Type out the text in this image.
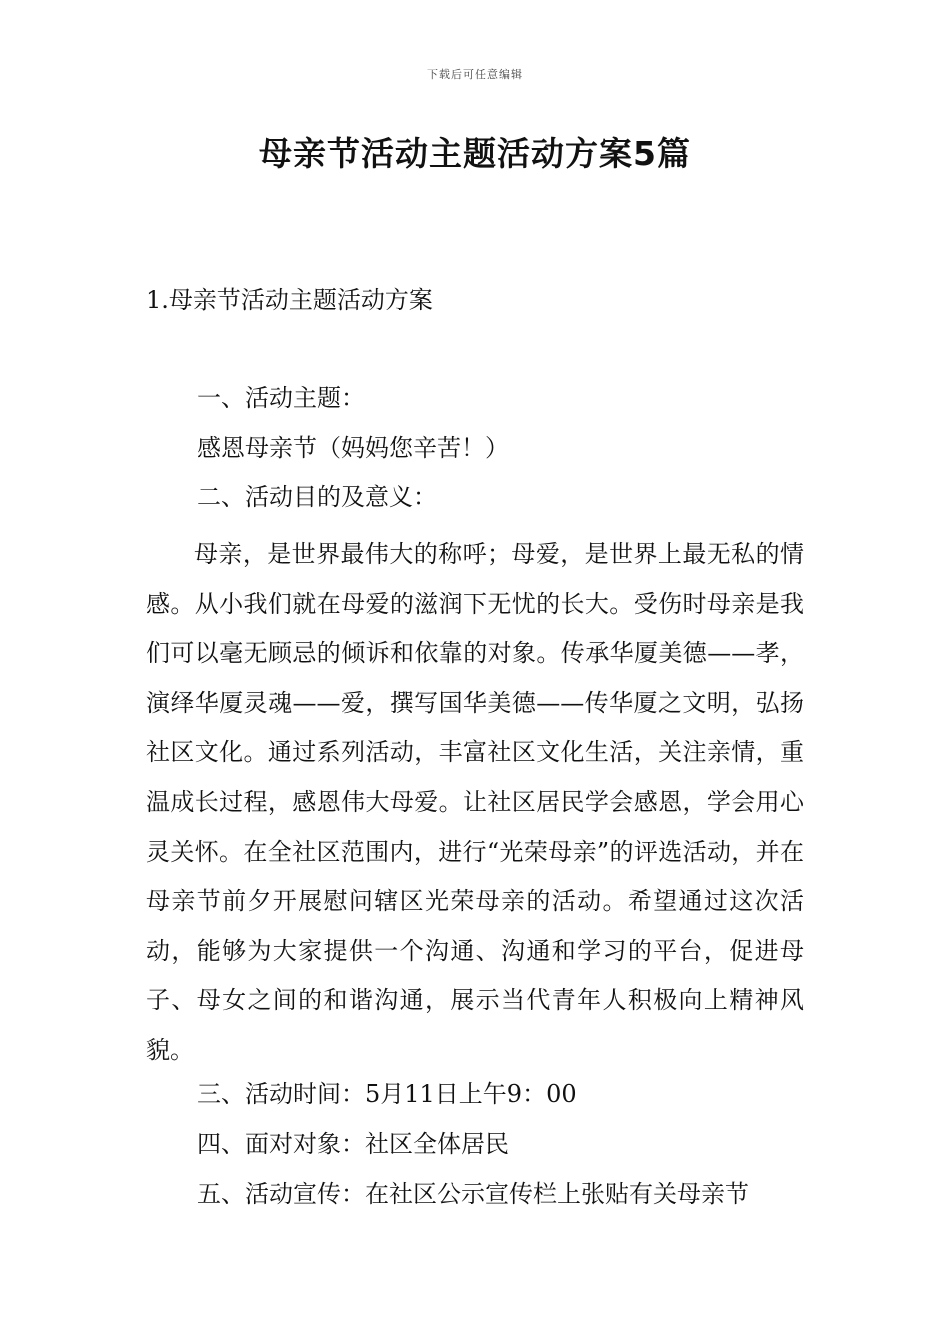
下载后可任意编辑
母亲节活动主题活动方案5篇
1.母亲节活动主题活动方案
一、活动主题：
感恩母亲节（妈妈您辛苦！）
二、活动目的及意义：

母亲，是世界最伟大的称呼；母爱，是世界上最无私的情感。从小我们就在母爱的滋润下无忧的长大。受伤时母亲是我们可以毫无顾忌的倾诉和依靠的对象。传承华厦美德——孝，演绎华厦灵魂——爱，撰写国华美德——传华厦之文明，弘扬社区文化。通过系列活动，丰富社区文化生活，关注亲情，重温成长过程，感恩伟大母爱。让社区居民学会感恩，学会用心灵关怀。在全社区范围内，进行“光荣母亲”的评选活动，并在母亲节前夕开展慰问辖区光荣母亲的活动。希望通过这次活动，能够为大家提供一个沟通、沟通和学习的平台，促进母子、母女之间的和谐沟通，展示当代青年人积极向上精神风貌。

三、活动时间：5月11日上午9：00
四、面对对象：社区全体居民
五、活动宣传：在社区公示宣传栏上张贴有关母亲节
